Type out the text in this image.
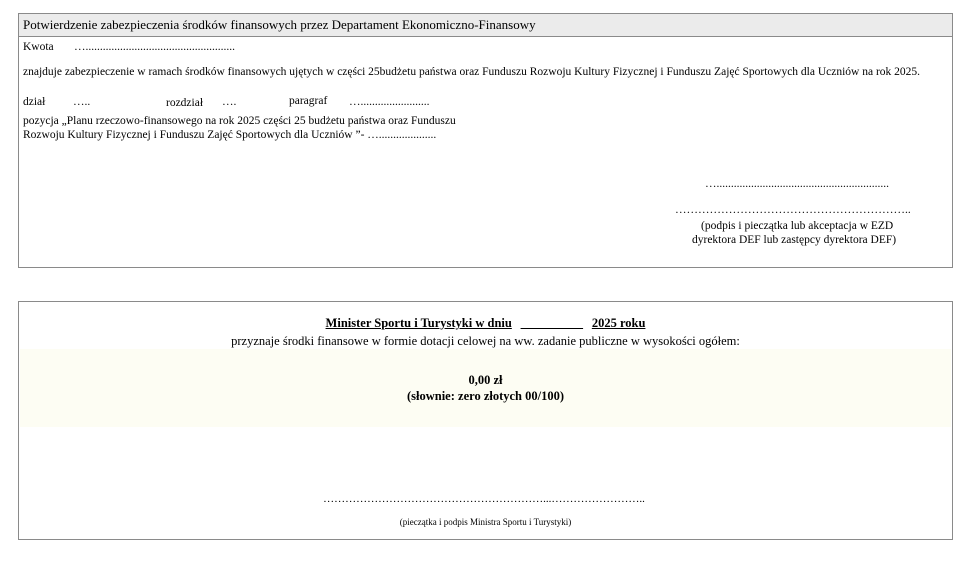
Potwierdzenie zabezpieczenia środków finansowych przez Departament Ekonomiczno-Finansowy
Kwota …....................................................
znajduje zabezpieczenie w ramach środków finansowych ujętych w części 25budżetu państwa oraz Funduszu Rozwoju Kultury Fizycznej i Funduszu Zajęć Sportowych dla Uczniów na rok 2025.
dział …..	rozdział ….	paragraf …........................
pozycja „Planu rzeczowo-finansowego na rok 2025 części 25 budżetu państwa oraz Funduszu
Rozwoju Kultury Fizycznej i Funduszu Zajęć Sportowych dla Uczniów ”- …....................
…............................................................
……………………………………………………..
(podpis i pieczątka lub akceptacja w EZD
dyrektora DEF lub zastępcy dyrektora DEF)
Minister Sportu i Turystyki w dniu	2025 roku
przyznaje środki finansowe w formie dotacji celowej na ww. zadanie publiczne w wysokości ogółem:
0,00 zł
(słownie: zero złotych 00/100)
……………………………………………………...……………………..
(pieczątka i podpis Ministra Sportu i Turystyki)
